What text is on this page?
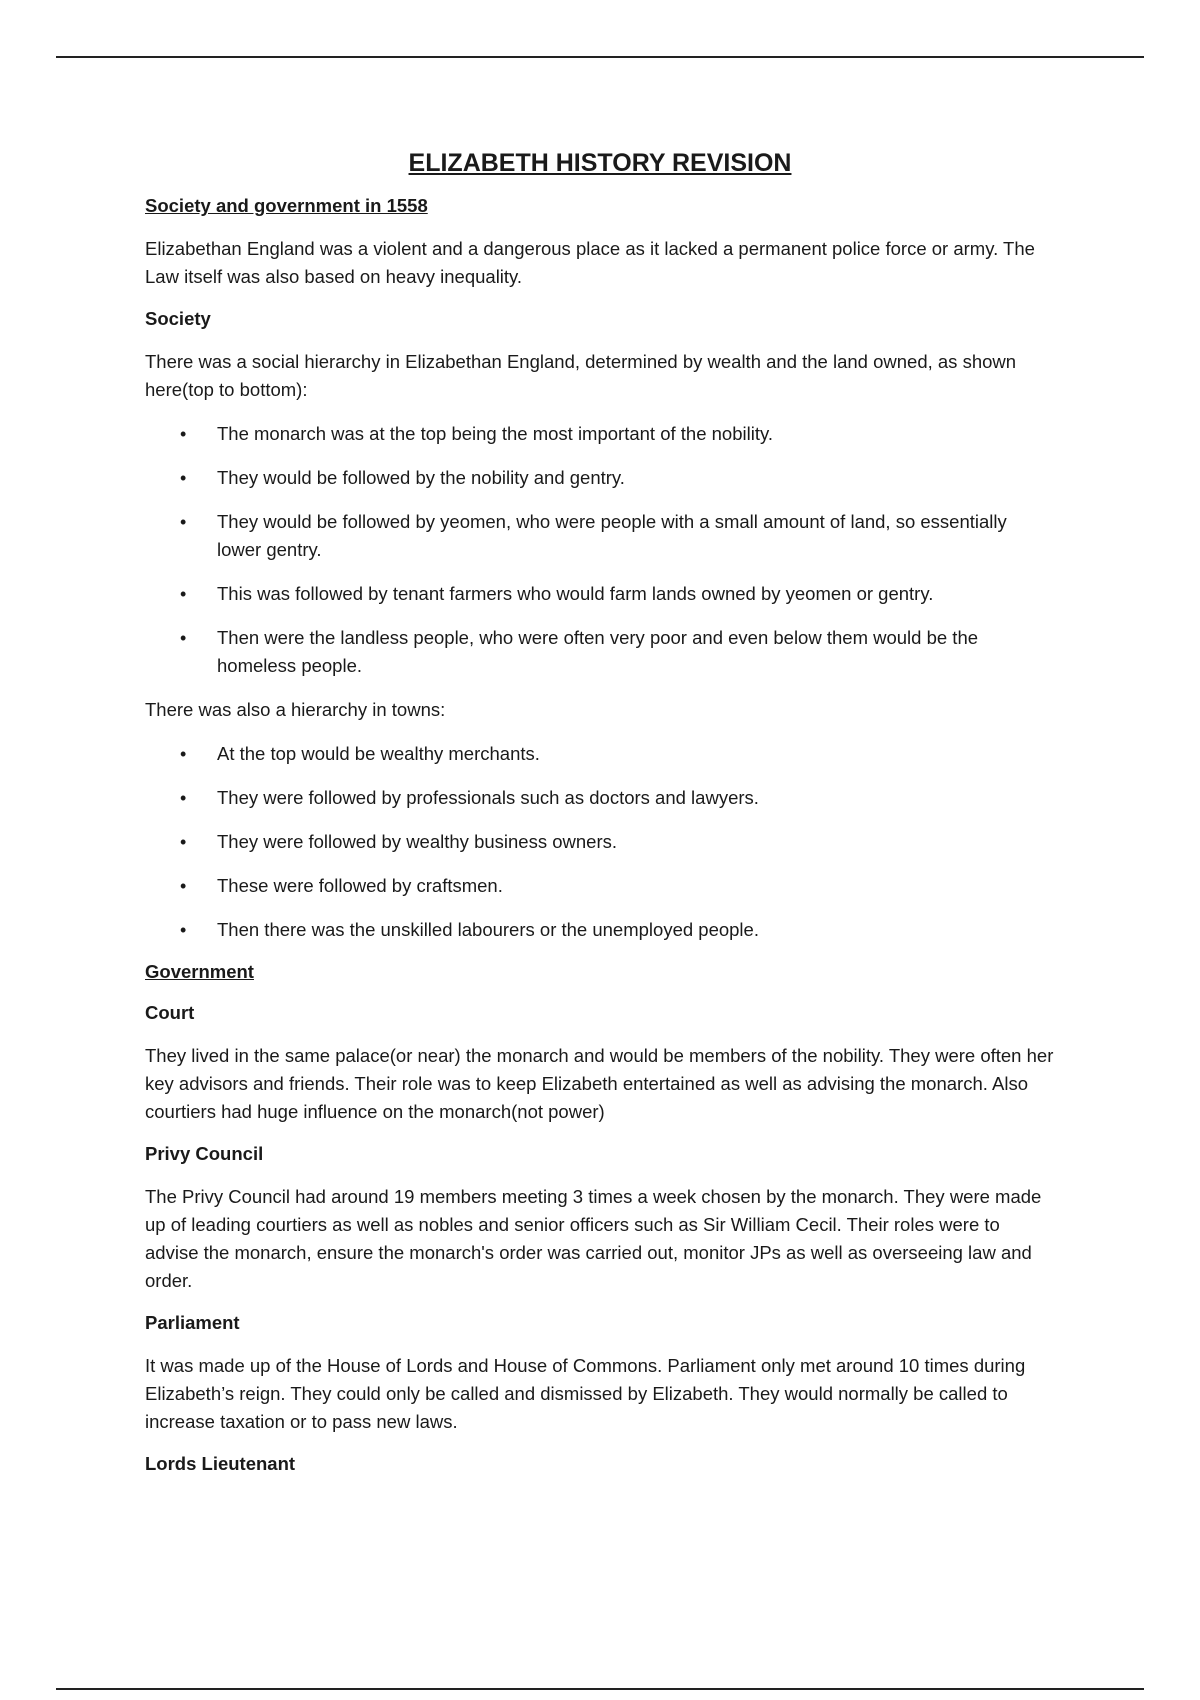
ELIZABETH HISTORY REVISION
Society and government in 1558
Elizabethan England was a violent and a dangerous place as it lacked a permanent police force or army. The Law itself was also based on heavy inequality.
Society
There was a social hierarchy in Elizabethan England, determined by wealth and the land owned, as shown here(top to bottom):
• The monarch was at the top being the most important of the nobility.
• They would be followed by the nobility and gentry.
• They would be followed by yeomen, who were people with a small amount of land, so essentially lower gentry.
• This was followed by tenant farmers who would farm lands owned by yeomen or gentry.
• Then were the landless people, who were often very poor and even below them would be the homeless people.
There was also a hierarchy in towns:
• At the top would be wealthy merchants.
• They were followed by professionals such as doctors and lawyers.
• They were followed by wealthy business owners.
• These were followed by craftsmen.
• Then there was the unskilled labourers or the unemployed people.
Government
Court
They lived in the same palace(or near) the monarch and would be members of the nobility. They were often her key advisors and friends. Their role was to keep Elizabeth entertained as well as advising the monarch. Also courtiers had huge influence on the monarch(not power)
Privy Council
The Privy Council had around 19 members meeting 3 times a week chosen by the monarch. They were made up of leading courtiers as well as nobles and senior officers such as Sir William Cecil. Their roles were to advise the monarch, ensure the monarch's order was carried out, monitor JPs as well as overseeing law and order.
Parliament
It was made up of the House of Lords and House of Commons. Parliament only met around 10 times during Elizabeth’s reign. They could only be called and dismissed by Elizabeth. They would normally be called to increase taxation or to pass new laws.
Lords Lieutenant
